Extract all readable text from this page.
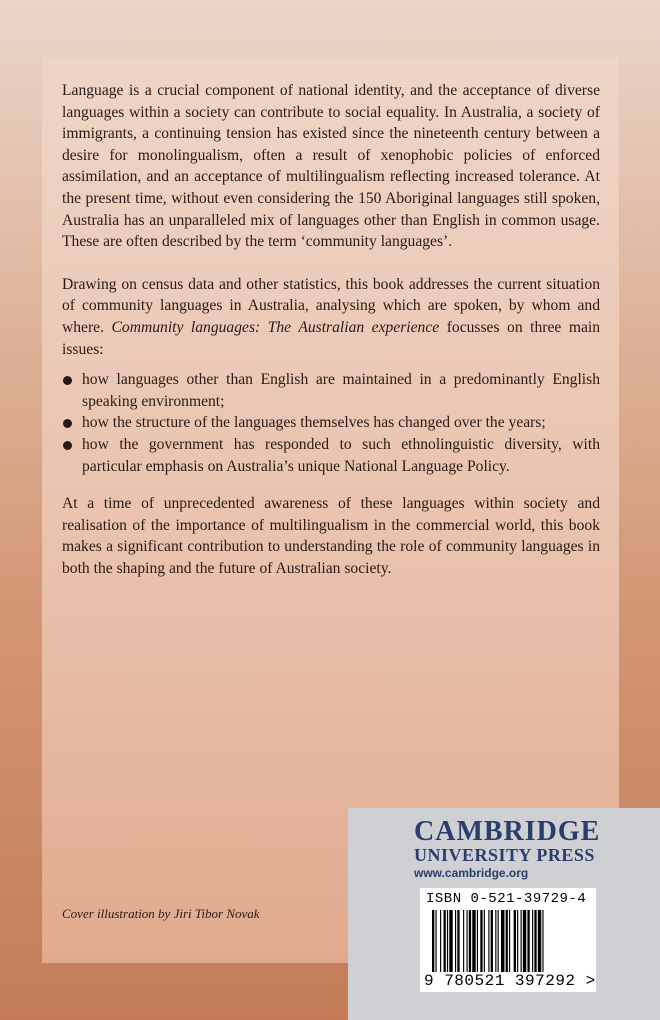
Language is a crucial component of national identity, and the acceptance of diverse languages within a society can contribute to social equality. In Australia, a society of immigrants, a continuing tension has existed since the nineteenth century between a desire for monolingualism, often a result of xenophobic policies of enforced assimilation, and an acceptance of multilingualism reflecting increased tolerance. At the present time, without even considering the 150 Aboriginal languages still spoken, Australia has an unparalleled mix of languages other than English in common usage. These are often described by the term ‘community languages’.

Drawing on census data and other statistics, this book addresses the current situation of community languages in Australia, analysing which are spoken, by whom and where. Community languages: The Australian experience focusses on three main issues:

how languages other than English are maintained in a predominantly English speaking environment;
how the structure of the languages themselves has changed over the years;
how the government has responded to such ethnolinguistic diversity, with particular emphasis on Australia’s unique National Language Policy.

At a time of unprecedented awareness of these languages within society and realisation of the importance of multilingualism in the commercial world, this book makes a significant contribution to understanding the role of community languages in both the shaping and the future of Australian society.

Cover illustration by Jiri Tibor Novak
CAMBRIDGE
UNIVERSITY PRESS
www.cambridge.org
ISBN 0-521-39729-4
9 780521 397292 >
